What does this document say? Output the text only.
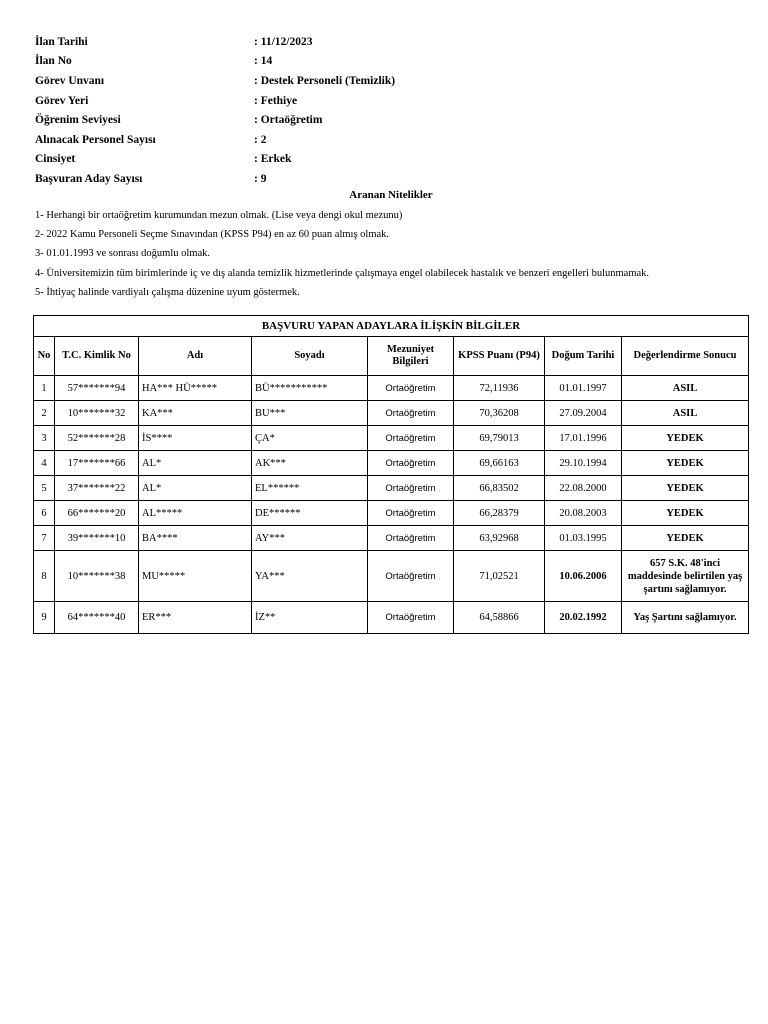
İlan Tarihi	: 11/12/2023
İlan No	: 14
Görev Unvanı	: Destek Personeli (Temizlik)
Görev Yeri	: Fethiye
Öğrenim Seviyesi	: Ortaöğretim
Alınacak Personel Sayısı	: 2
Cinsiyet	: Erkek
Başvuran Aday Sayısı	: 9
Aranan Nitelikler
1- Herhangi bir ortaöğretim kurumundan mezun olmak. (Lise veya dengi okul mezunu)
2- 2022 Kamu Personeli Seçme Sınavından (KPSS P94) en az 60 puan almış olmak.
3- 01.01.1993 ve sonrası doğumlu olmak.
4- Üniversitemizin tüm birimlerinde iç ve dış alanda temizlik hizmetlerinde çalışmaya engel olabilecek hastalık ve benzeri engelleri bulunmamak.
5- İhtiyaç halinde vardiyalı çalışma düzenine uyum göstermek.
BAŞVURU YAPAN ADAYLARA İLİŞKİN BİLGİLER							
No	T.C. Kimlik No	Adı	Soyadı	Mezuniyet Bilgileri	KPSS Puanı (P94)	Doğum Tarihi	Değerlendirme Sonucu
1	57*******94	HA*** HÜ*****	BÜ***********	Ortaöğretim	72,11936	01.01.1997	ASIL
2	10*******32	KA***	BU***	Ortaöğretim	70,36208	27.09.2004	ASIL
3	52*******28	İS****	ÇA*	Ortaöğretim	69,79013	17.01.1996	YEDEK
4	17*******66	AL*	AK***	Ortaöğretim	69,66163	29.10.1994	YEDEK
5	37*******22	AL*	EL******	Ortaöğretim	66,83502	22.08.2000	YEDEK
6	66*******20	AL*****	DE******	Ortaöğretim	66,28379	20.08.2003	YEDEK
7	39*******10	BA****	AY***	Ortaöğretim	63,92968	01.03.1995	YEDEK
8	10*******38	MU*****	YA***	Ortaöğretim	71,02521	10.06.2006	657 S.K. 48'inci maddesinde belirtilen yaş şartını sağlamıyor.
9	64*******40	ER***	İZ**	Ortaöğretim	64,58866	20.02.1992	Yaş Şartını sağlamıyor.
